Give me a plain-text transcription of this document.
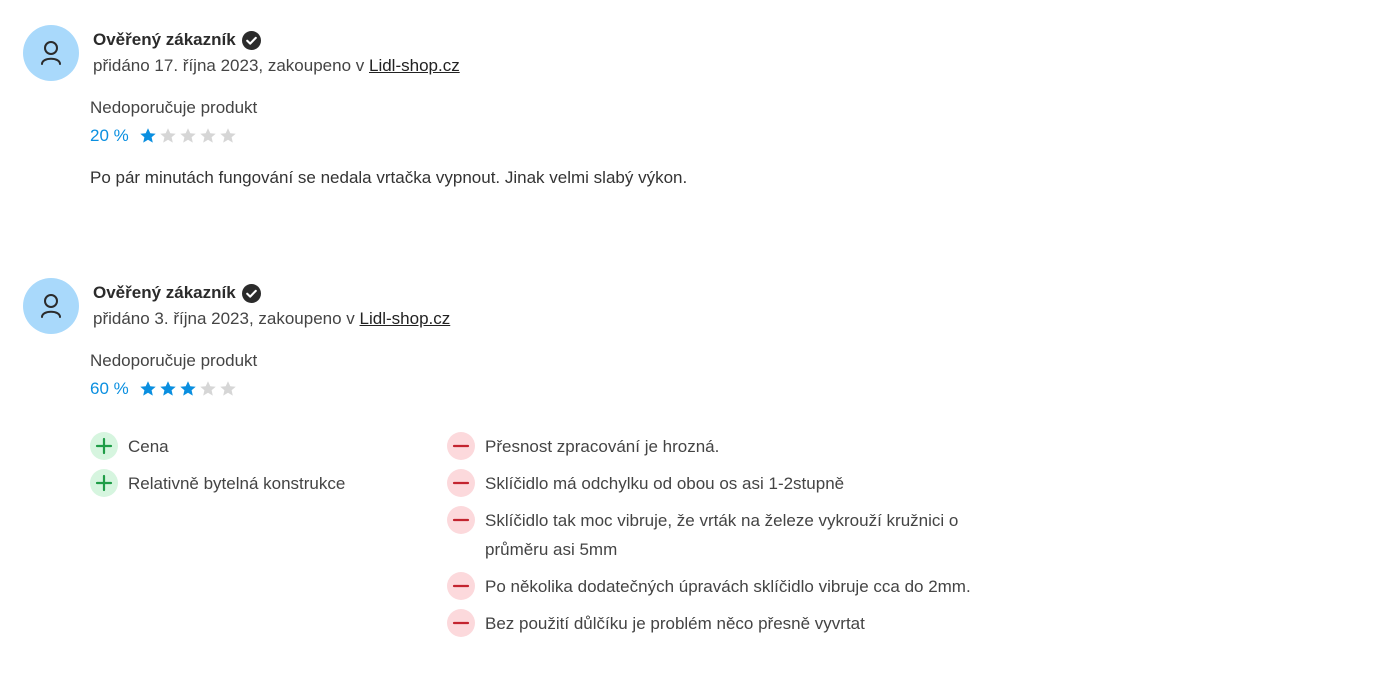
Ověřený zákazník
přidáno 17. října 2023, zakoupeno v Lidl-shop.cz
Nedoporučuje produkt
20 %
Po pár minutách fungování se nedala vrtačka vypnout. Jinak velmi slabý výkon.
Ověřený zákazník
přidáno 3. října 2023, zakoupeno v Lidl-shop.cz
Nedoporučuje produkt
60 %
Cena
Relativně bytelná konstrukce
Přesnost zpracování je hrozná.
Sklíčidlo má odchylku od obou os asi 1-2stupně
Sklíčidlo tak moc vibruje, že vrták na železe vykrouží kružnici o průměru asi 5mm
Po několika dodatečných úpravách sklíčidlo vibruje cca do 2mm.
Bez použití důlčíku je problém něco přesně vyvrtat
